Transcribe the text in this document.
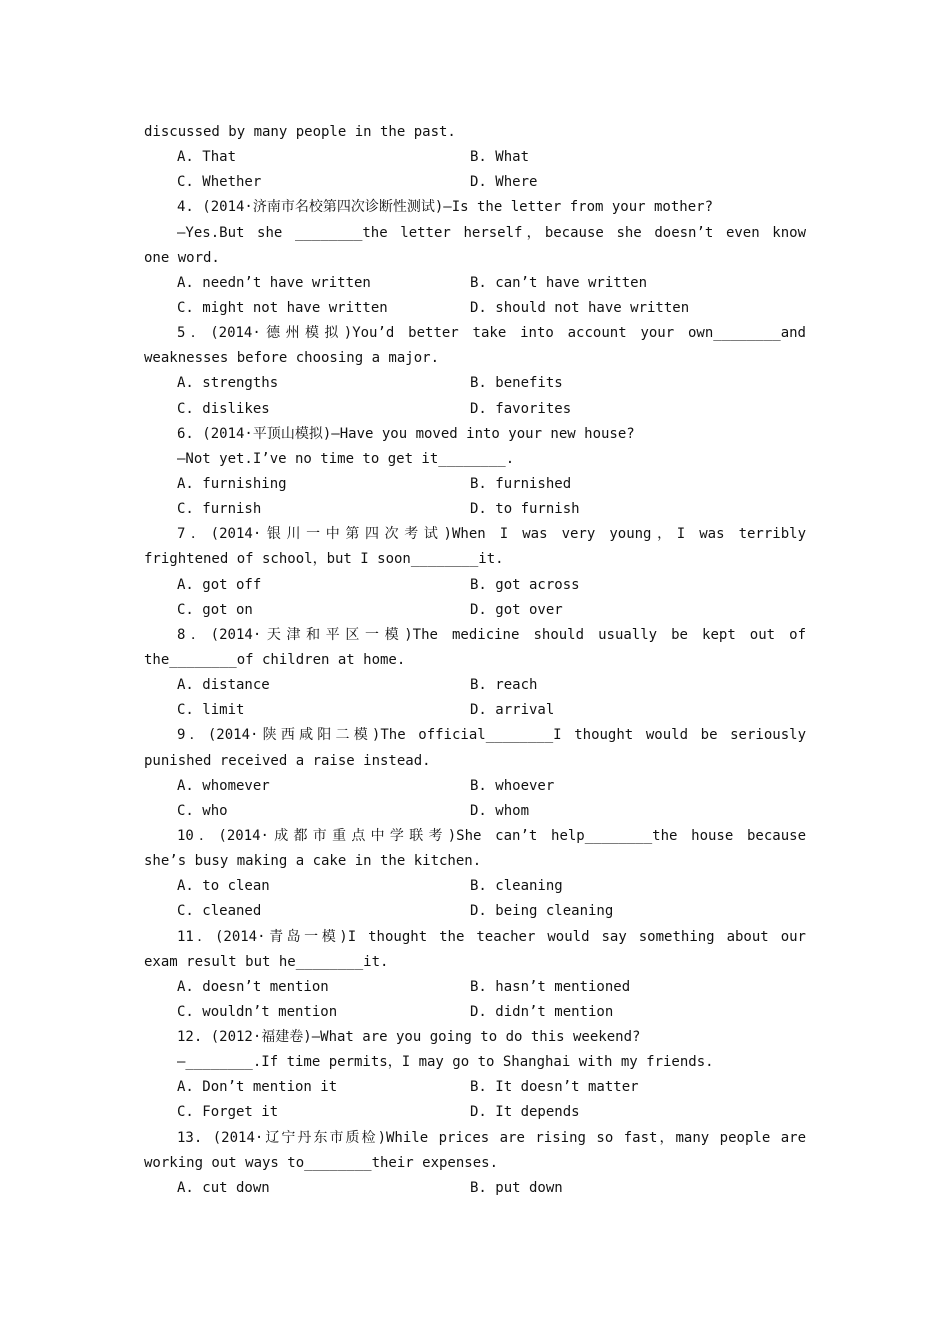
discussed by many people in the past.
A. That	B. What
C. Whether	D. Where
4. (2014·济南市名校第四次诊断性测试)—Is the letter from your mother?
—Yes.But she ________the letter herself，because she doesn’t even know
one word.
A. needn’t have written	B. can’t have written
C. might not have written	D. should not have written
5．(2014·德州模拟)You’d better take into account your own________and
weaknesses before choosing a major.
A. strengths	B. benefits
C. dislikes	D. favorites
6. (2014·平顶山模拟)—Have you moved into your new house?
—Not yet.I’ve no time to get it________.
A. furnishing	B. furnished
C. furnish	D. to furnish
7．(2014·银川一中第四次考试)When I was very young，I was terribly
frightened of school，but I soon________it.
A. got off	B. got across
C. got on	D. got over
8．(2014·天津和平区一模)The medicine should usually be kept out of
the________of children at home.
A. distance	B. reach
C. limit	D. arrival
9．(2014·陕西咸阳二模)The official________I thought would be seriously
punished received a raise instead.
A. whomever	B. whoever
C. who	D. whom
10．(2014·成都市重点中学联考)She can’t help________the house because
she’s busy making a cake in the kitchen.
A. to clean	B. cleaning
C. cleaned	D. being cleaning
11．(2014·青岛一模)I thought the teacher would say something about our
exam result but he________it.
A. doesn’t mention	B. hasn’t mentioned
C. wouldn’t mention	D. didn’t mention
12. (2012·福建卷)—What are you going to do this weekend?
—________.If time permits，I may go to Shanghai with my friends.
A. Don’t mention it	B. It doesn’t matter
C. Forget it	D. It depends
13. (2014·辽宁丹东市质检)While prices are rising so fast，many people are
working out ways to________their expenses.
A. cut down	B. put down
